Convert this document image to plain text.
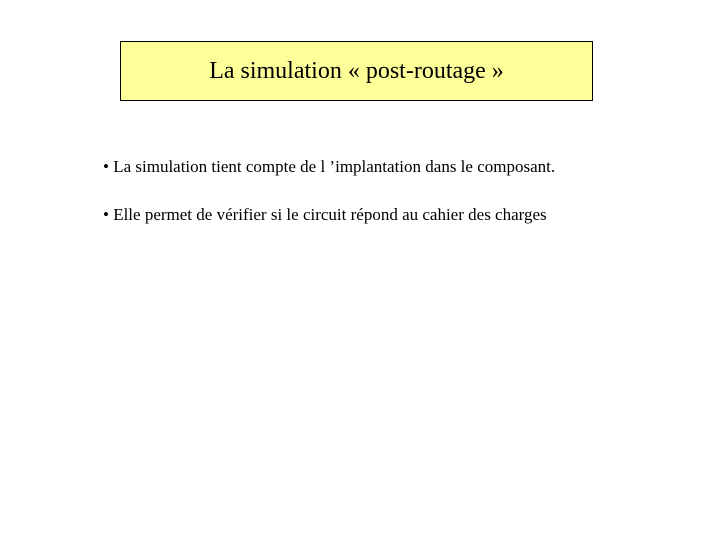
La simulation « post-routage »

• La simulation tient compte de l ’implantation dans le composant.

• Elle permet de vérifier si le circuit répond au cahier des charges
